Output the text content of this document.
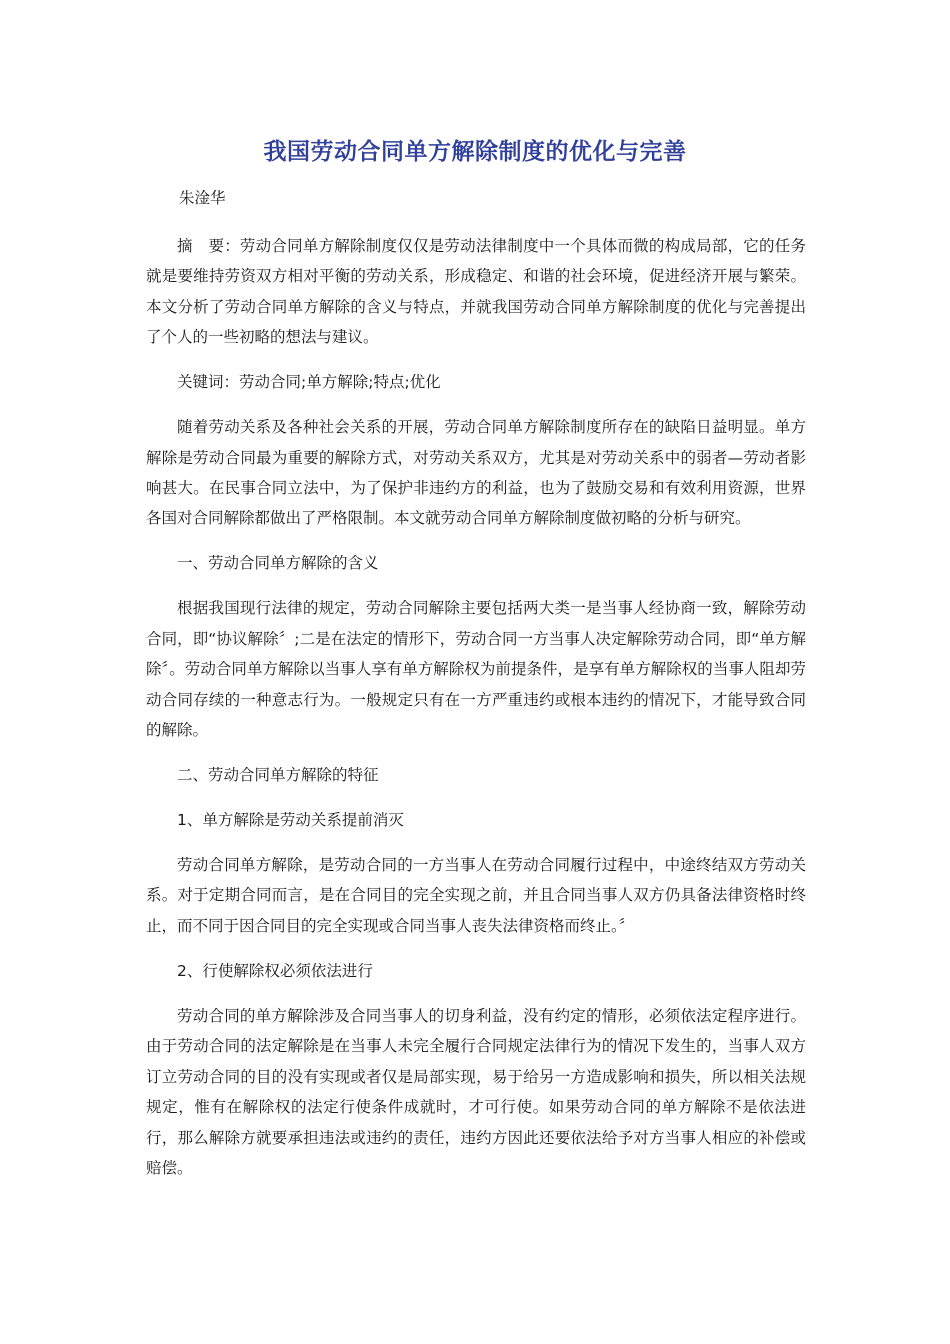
我国劳动合同单方解除制度的优化与完善

朱淦华

摘　要：劳动合同单方解除制度仅仅是劳动法律制度中一个具体而微的构成局部，它的任务就是要维持劳资双方相对平衡的劳动关系，形成稳定、和谐的社会环境，促进经济开展与繁荣。本文分析了劳动合同单方解除的含义与特点，并就我国劳动合同单方解除制度的优化与完善提出了个人的一些初略的想法与建议。

关键词：劳动合同;单方解除;特点;优化

随着劳动关系及各种社会关系的开展，劳动合同单方解除制度所存在的缺陷日益明显。单方解除是劳动合同最为重要的解除方式，对劳动关系双方，尤其是对劳动关系中的弱者—劳动者影响甚大。在民事合同立法中，为了保护非违约方的利益，也为了鼓励交易和有效利用资源，世界各国对合同解除都做出了严格限制。本文就劳动合同单方解除制度做初略的分析与研究。

一、劳动合同单方解除的含义

根据我国现行法律的规定，劳动合同解除主要包括两大类一是当事人经协商一致，解除劳动合同，即“协议解除〞;二是在法定的情形下，劳动合同一方当事人决定解除劳动合同，即“单方解除〞。劳动合同单方解除以当事人享有单方解除权为前提条件，是享有单方解除权的当事人阻却劳动合同存续的一种意志行为。一般规定只有在一方严重违约或根本违约的情况下，才能导致合同的解除。

二、劳动合同单方解除的特征

1、单方解除是劳动关系提前消灭

劳动合同单方解除，是劳动合同的一方当事人在劳动合同履行过程中，中途终结双方劳动关系。对于定期合同而言，是在合同目的完全实现之前，并且合同当事人双方仍具备法律资格时终止，而不同于因合同目的完全实现或合同当事人丧失法律资格而终止。〞

2、行使解除权必须依法进行

劳动合同的单方解除涉及合同当事人的切身利益，没有约定的情形，必须依法定程序进行。由于劳动合同的法定解除是在当事人未完全履行合同规定法律行为的情况下发生的，当事人双方订立劳动合同的目的没有实现或者仅是局部实现，易于给另一方造成影响和损失，所以相关法规规定，惟有在解除权的法定行使条件成就时，才可行使。如果劳动合同的单方解除不是依法进行，那么解除方就要承担违法或违约的责任，违约方因此还要依法给予对方当事人相应的补偿或赔偿。
